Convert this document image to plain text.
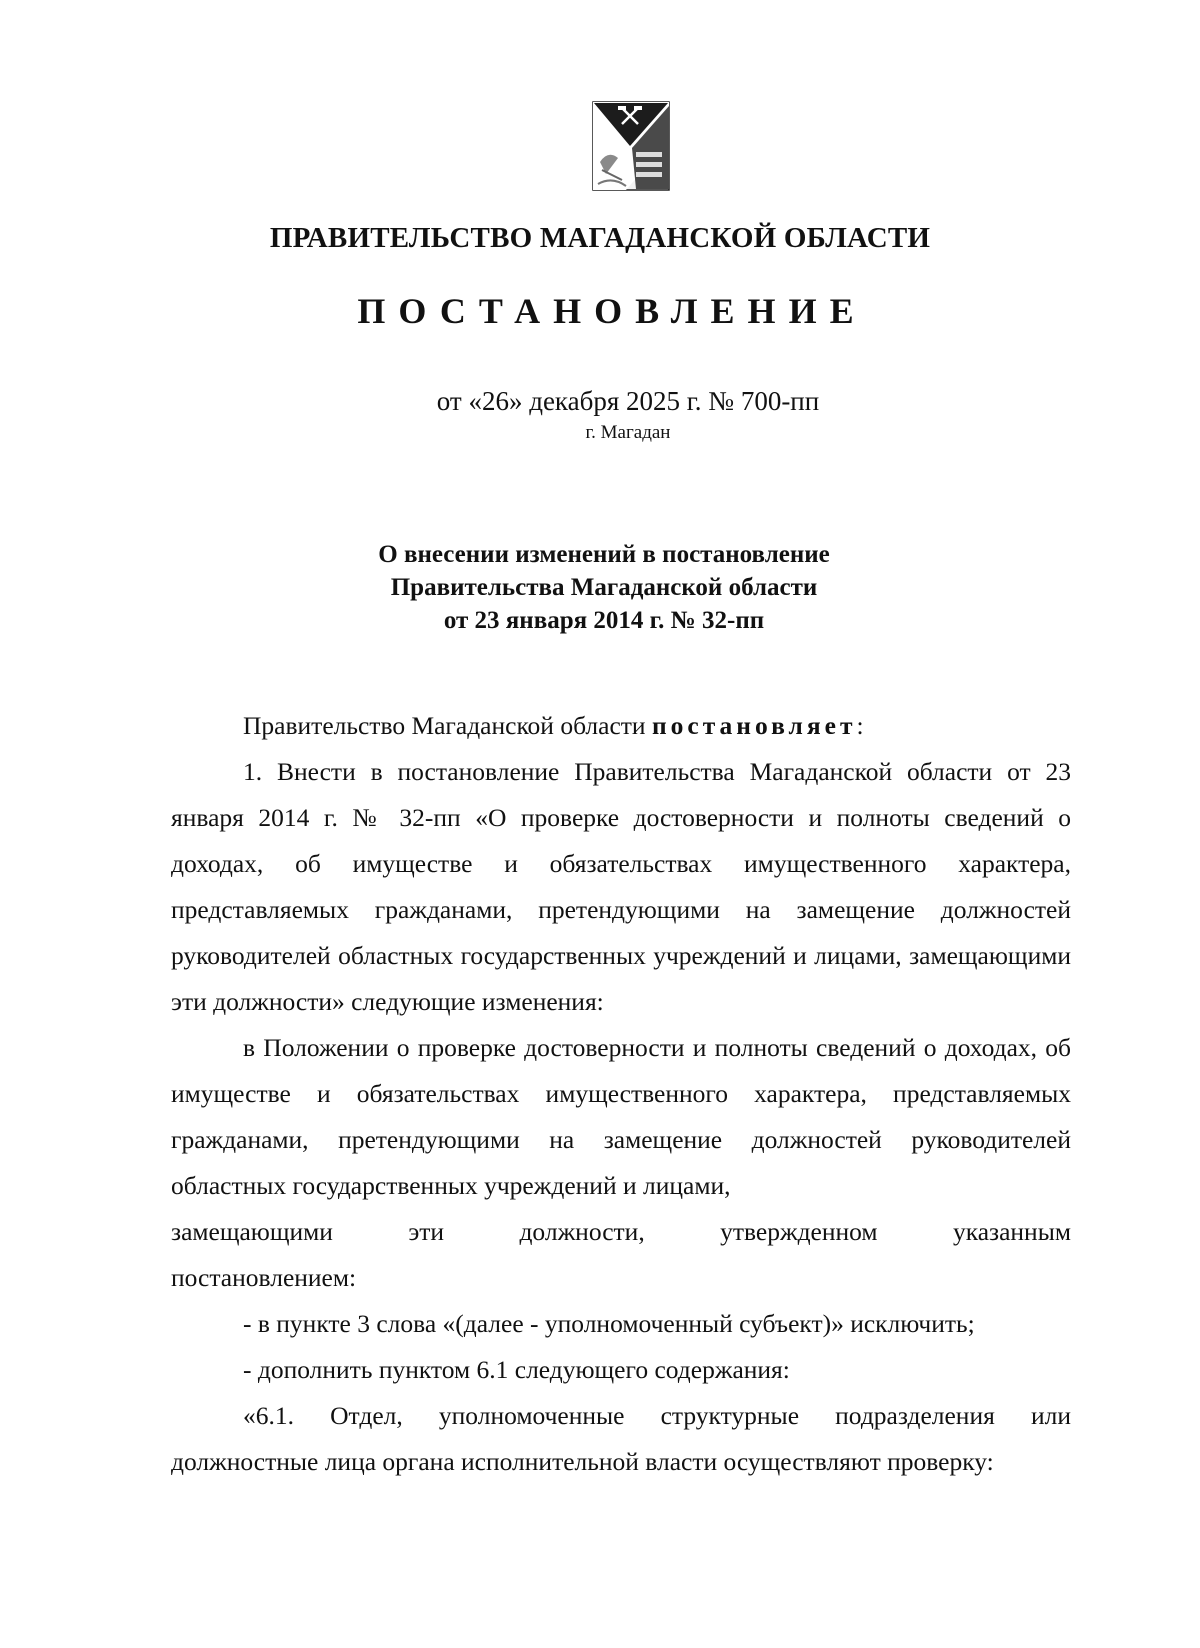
ПРАВИТЕЛЬСТВО МАГАДАНСКОЙ ОБЛАСТИ
ПОСТАНОВЛЕНИЕ
от «26» декабря 2025 г. № 700-пп
г. Магадан
О внесении изменений в постановление
Правительства Магаданской области
от 23 января 2014 г. № 32-пп

Правительство Магаданской области постановляет:

1. Внести в постановление Правительства Магаданской области от 23 января 2014 г. № 32-пп «О проверке достоверности и полноты сведений о доходах, об имуществе и обязательствах имущественного характера, представляемых гражданами, претендующими на замещение должностей руководителей областных государственных учреждений и лицами, замещающими эти должности» следующие изменения:

в Положении о проверке достоверности и полноты сведений о доходах, об имуществе и обязательствах имущественного характера, представляемых гражданами, претендующими на замещение должностей руководителей областных государственных учреждений и лицами,

замещающими	эти	должности,	утвержденном	указанным

постановлением:

- в пункте 3 слова «(далее - уполномоченный субъект)» исключить;

- дополнить пунктом 6.1 следующего содержания:

«6.1. Отдел, уполномоченные структурные подразделения или должностные лица органа исполнительной власти осуществляют проверку:
